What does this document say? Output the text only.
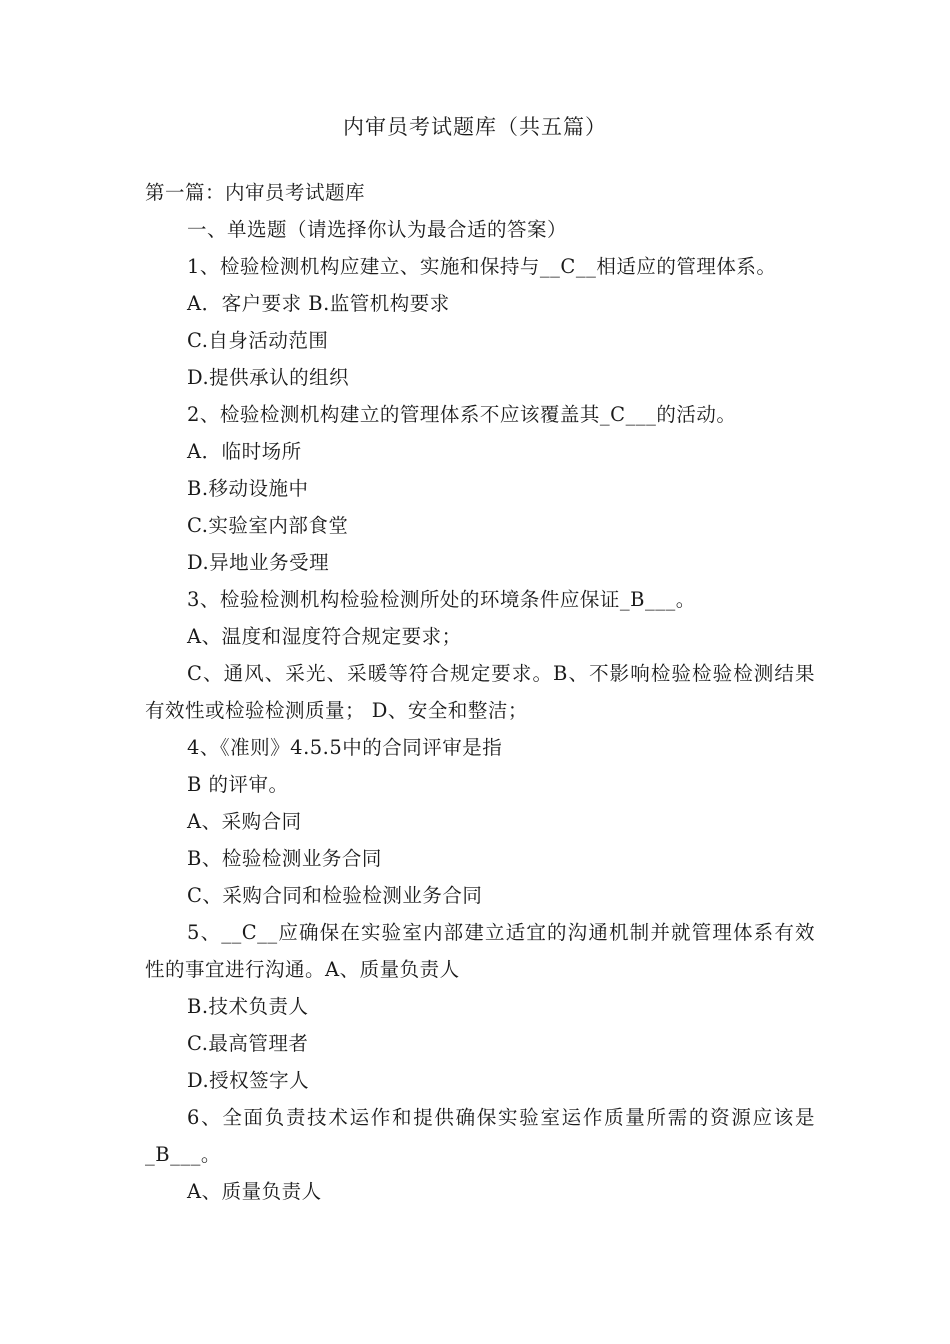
内审员考试题库（共五篇）
第一篇：内审员考试题库
一、单选题（请选择你认为最合适的答案）
1、检验检测机构应建立、实施和保持与__C__相适应的管理体系。
A．客户要求 B.监管机构要求
C.自身活动范围
D.提供承认的组织
2、检验检测机构建立的管理体系不应该覆盖其_C___的活动。
A．临时场所
B.移动设施中
C.实验室内部食堂
D.异地业务受理
3、检验检测机构检验检测所处的环境条件应保证_B___。
A、温度和湿度符合规定要求；
C、通风、采光、采暖等符合规定要求。B、不影响检验检验检测结果有效性或检验检测质量； D、安全和整洁；
4、《准则》4.5.5中的合同评审是指
B 的评审。
A、采购合同
B、检验检测业务合同
C、采购合同和检验检测业务合同
5、__C__应确保在实验室内部建立适宜的沟通机制并就管理体系有效性的事宜进行沟通。A、质量负责人
B.技术负责人
C.最高管理者
D.授权签字人
6、全面负责技术运作和提供确保实验室运作质量所需的资源应该是_B___。
A、质量负责人
